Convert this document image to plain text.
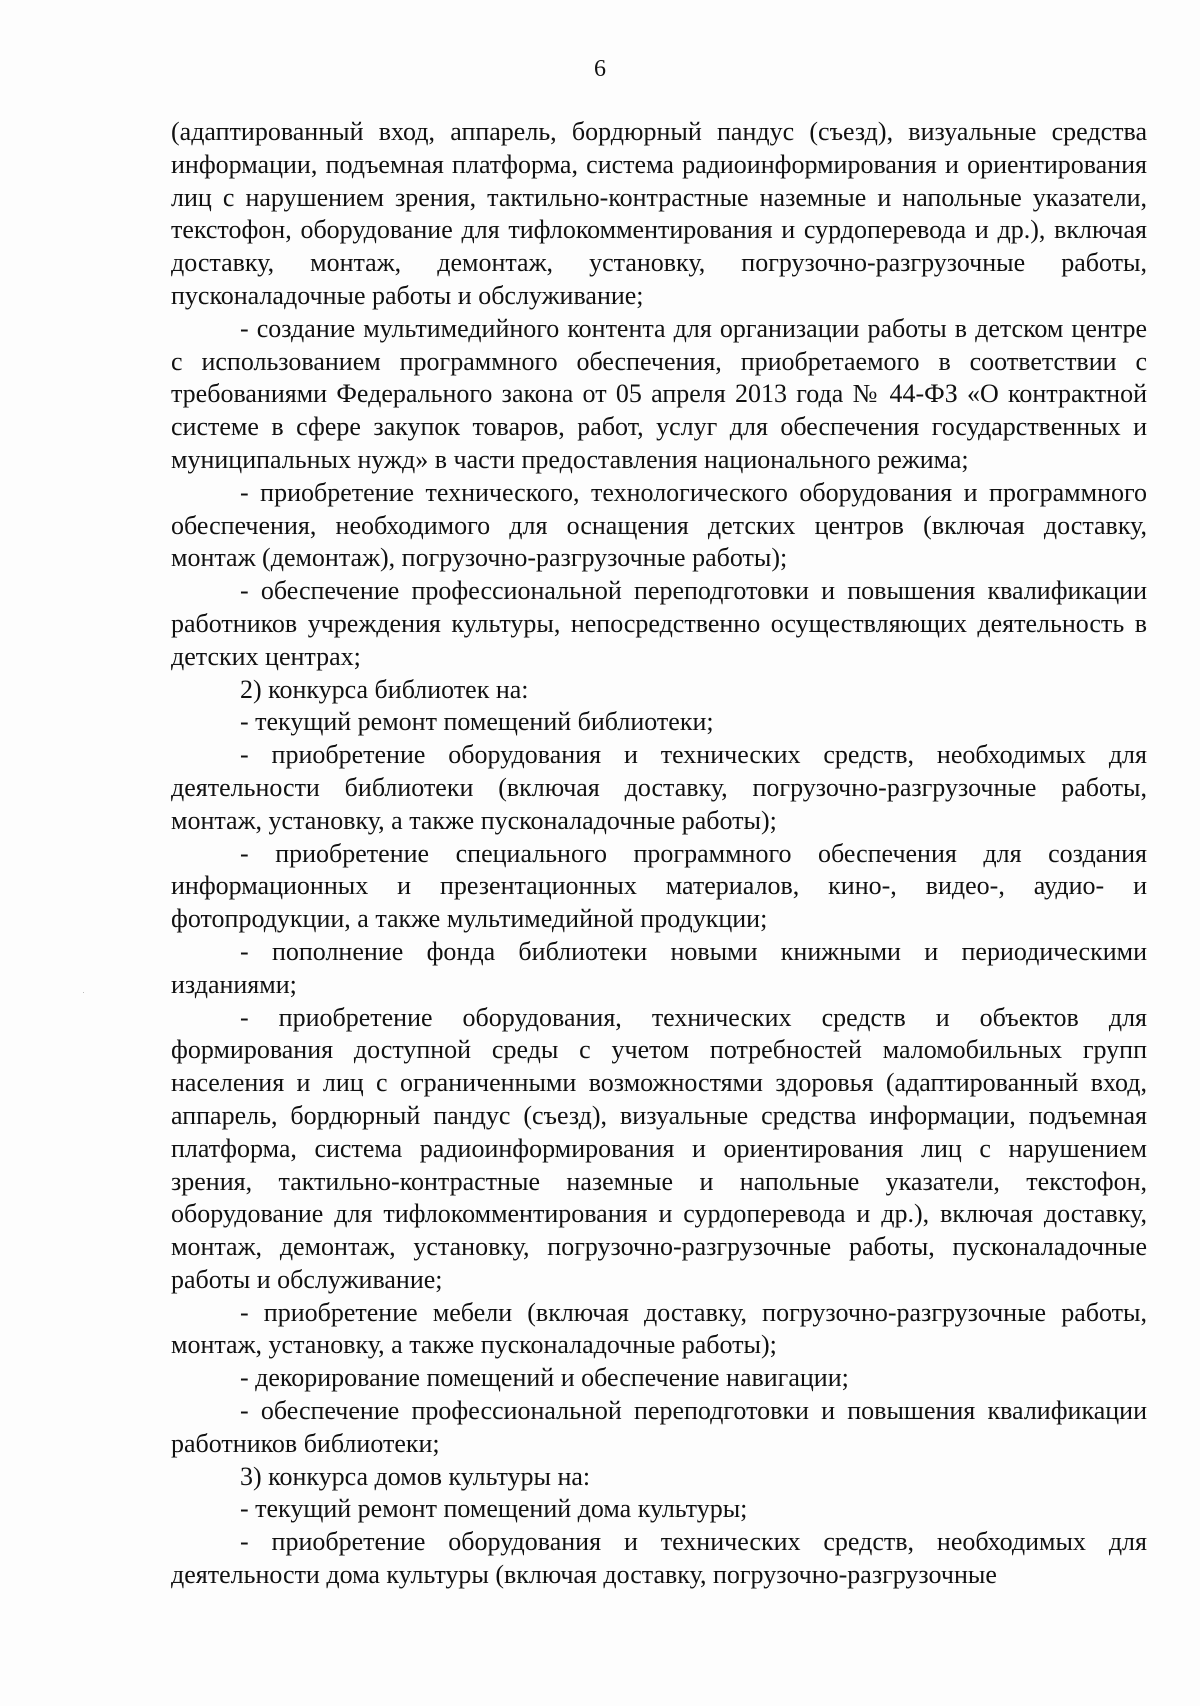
6

(адаптированный вход, аппарель, бордюрный пандус (съезд), визуальные средства информации, подъемная платформа, система радиоинформирования и ориентирования лиц с нарушением зрения, тактильно-контрастные наземные и напольные указатели, текстофон, оборудование для тифлокомментирования и сурдоперевода и др.), включая доставку, монтаж, демонтаж, установку, погрузочно-разгрузочные работы, пусконаладочные работы и обслуживание;

- создание мультимедийного контента для организации работы в детском центре с использованием программного обеспечения, приобретаемого в соответствии с требованиями Федерального закона от 05 апреля 2013 года № 44-ФЗ «О контрактной системе в сфере закупок товаров, работ, услуг для обеспечения государственных и муниципальных нужд» в части предоставления национального режима;

- приобретение технического, технологического оборудования и программного обеспечения, необходимого для оснащения детских центров (включая доставку, монтаж (демонтаж), погрузочно-разгрузочные работы);

- обеспечение профессиональной переподготовки и повышения квалификации работников учреждения культуры, непосредственно осуществляющих деятельность в детских центрах;

2) конкурса библиотек на:

- текущий ремонт помещений библиотеки;

- приобретение оборудования и технических средств, необходимых для деятельности библиотеки (включая доставку, погрузочно-разгрузочные работы, монтаж, установку, а также пусконаладочные работы);

- приобретение специального программного обеспечения для создания информационных и презентационных материалов, кино-, видео-, аудио- и фотопродукции, а также мультимедийной продукции;

- пополнение фонда библиотеки новыми книжными и периодическими изданиями;

- приобретение оборудования, технических средств и объектов для формирования доступной среды с учетом потребностей маломобильных групп населения и лиц с ограниченными возможностями здоровья (адаптированный вход, аппарель, бордюрный пандус (съезд), визуальные средства информации, подъемная платформа, система радиоинформирования и ориентирования лиц с нарушением зрения, тактильно-контрастные наземные и напольные указатели, текстофон, оборудование для тифлокомментирования и сурдоперевода и др.), включая доставку, монтаж, демонтаж, установку, погрузочно-разгрузочные работы, пусконаладочные работы и обслуживание;

- приобретение мебели (включая доставку, погрузочно-разгрузочные работы, монтаж, установку, а также пусконаладочные работы);

- декорирование помещений и обеспечение навигации;

- обеспечение профессиональной переподготовки и повышения квалификации работников библиотеки;

3) конкурса домов культуры на:

- текущий ремонт помещений дома культуры;

- приобретение оборудования и технических средств, необходимых для деятельности дома культуры (включая доставку, погрузочно-разгрузочные
